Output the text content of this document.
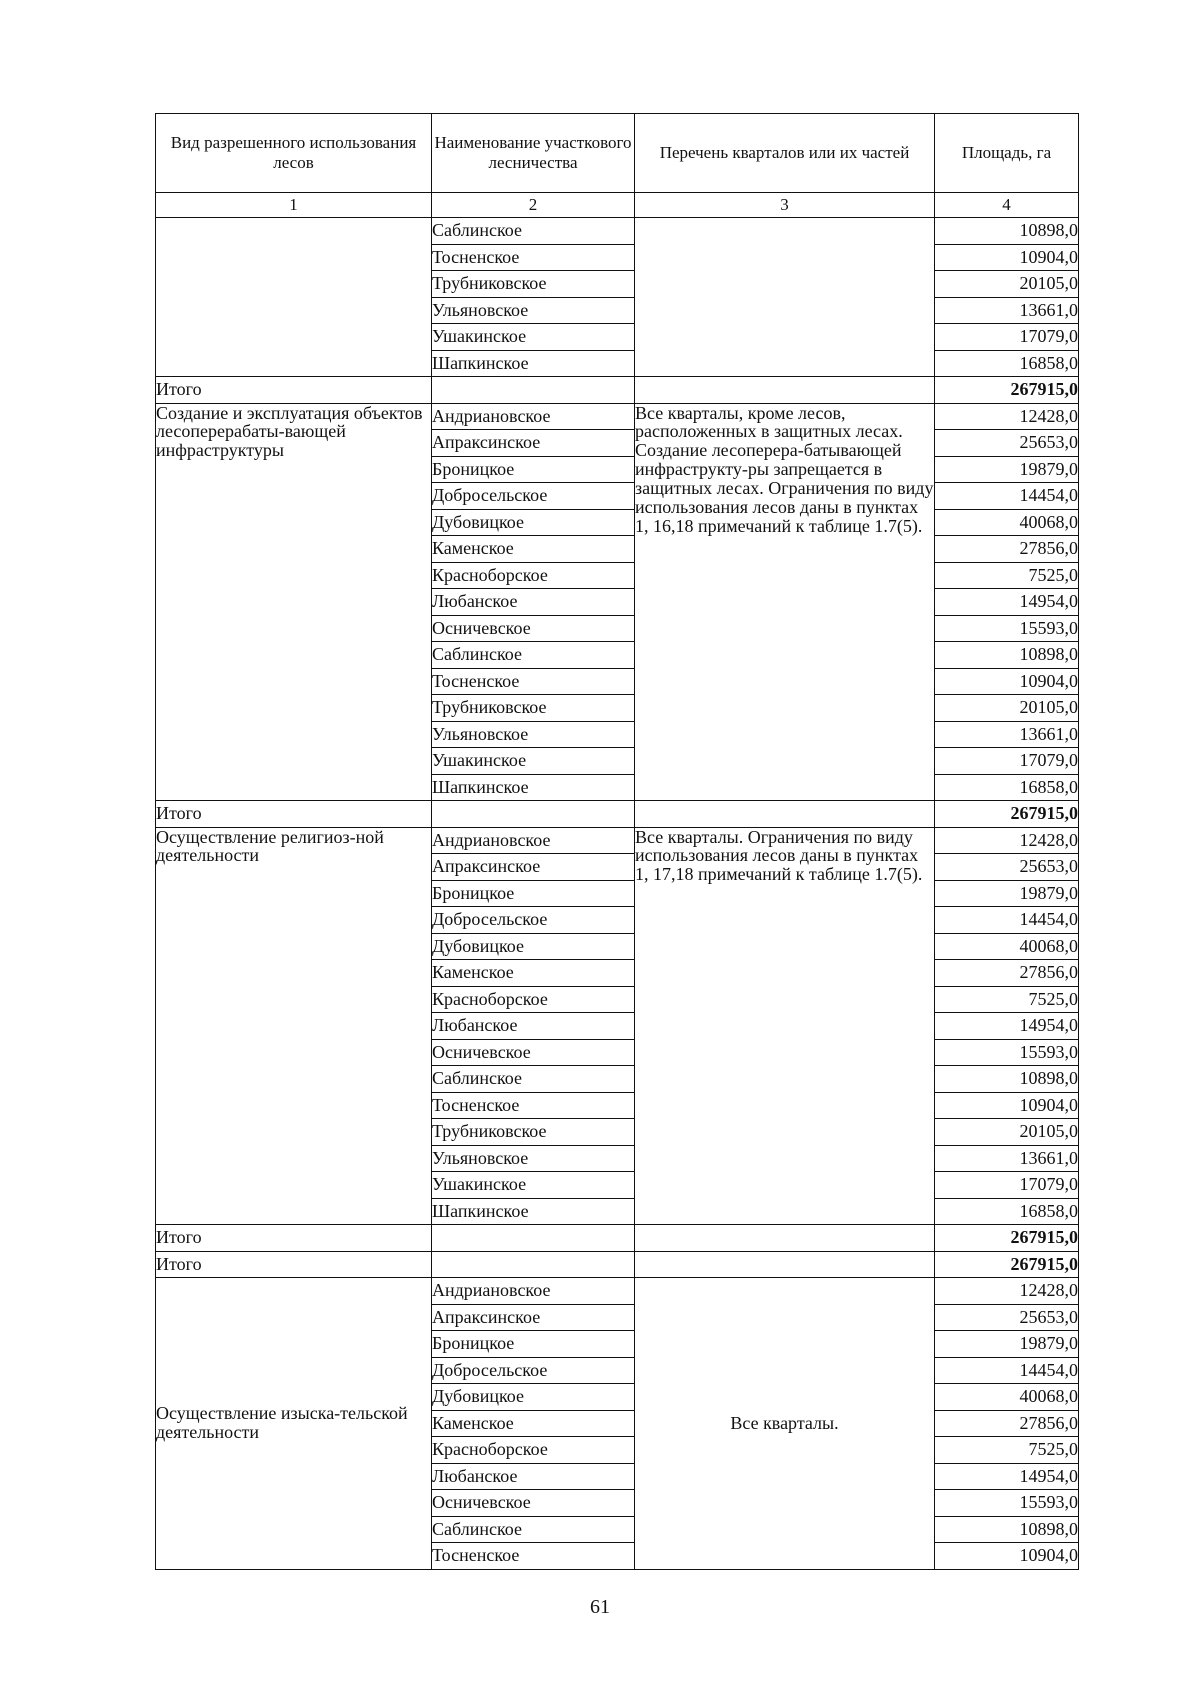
Вид разрешенного использования лесов	Наименование участкового лесничества	Перечень кварталов или их частей	Площадь, га
1	2	3	4
	Саблинское		10898,0
	Тосненское		10904,0
	Трубниковское		20105,0
	Ульяновское		13661,0
	Ушакинское		17079,0
	Шапкинское		16858,0
Итого			267915,0
Создание и эксплуатация объектов лесоперерабаты-вающей инфраструктуры	Андриановское	Все кварталы, кроме лесов, расположенных в защитных лесах. Создание лесоперера-батывающей инфраструкту-ры запрещается в защитных лесах. Ограничения по виду использования лесов даны в пунктах 1, 16,18 примечаний к таблице 1.7(5).	12428,0
	Апраксинское		25653,0
	Броницкое		19879,0
	Добросельское		14454,0
	Дубовицкое		40068,0
	Каменское		27856,0
	Красноборское		7525,0
	Любанское		14954,0
	Осничевское		15593,0
	Саблинское		10898,0
	Тосненское		10904,0
	Трубниковское		20105,0
	Ульяновское		13661,0
	Ушакинское		17079,0
	Шапкинское		16858,0
Итого			267915,0
Осуществление религиоз-ной деятельности	Андриановское	Все кварталы. Ограничения по виду использования лесов даны в пунктах 1, 17,18 примечаний к таблице 1.7(5).	12428,0
	Апраксинское		25653,0
	Броницкое		19879,0
	Добросельское		14454,0
	Дубовицкое		40068,0
	Каменское		27856,0
	Красноборское		7525,0
	Любанское		14954,0
	Осничевское		15593,0
	Саблинское		10898,0
	Тосненское		10904,0
	Трубниковское		20105,0
	Ульяновское		13661,0
	Ушакинское		17079,0
	Шапкинское		16858,0
Итого			267915,0
Итого			267915,0
Осуществление изыска-тельской деятельности	Андриановское	Все кварталы.	12428,0
	Апраксинское		25653,0
	Броницкое		19879,0
	Добросельское		14454,0
	Дубовицкое		40068,0
	Каменское		27856,0
	Красноборское		7525,0
	Любанское		14954,0
	Осничевское		15593,0
	Саблинское		10898,0
	Тосненское		10904,0
61
